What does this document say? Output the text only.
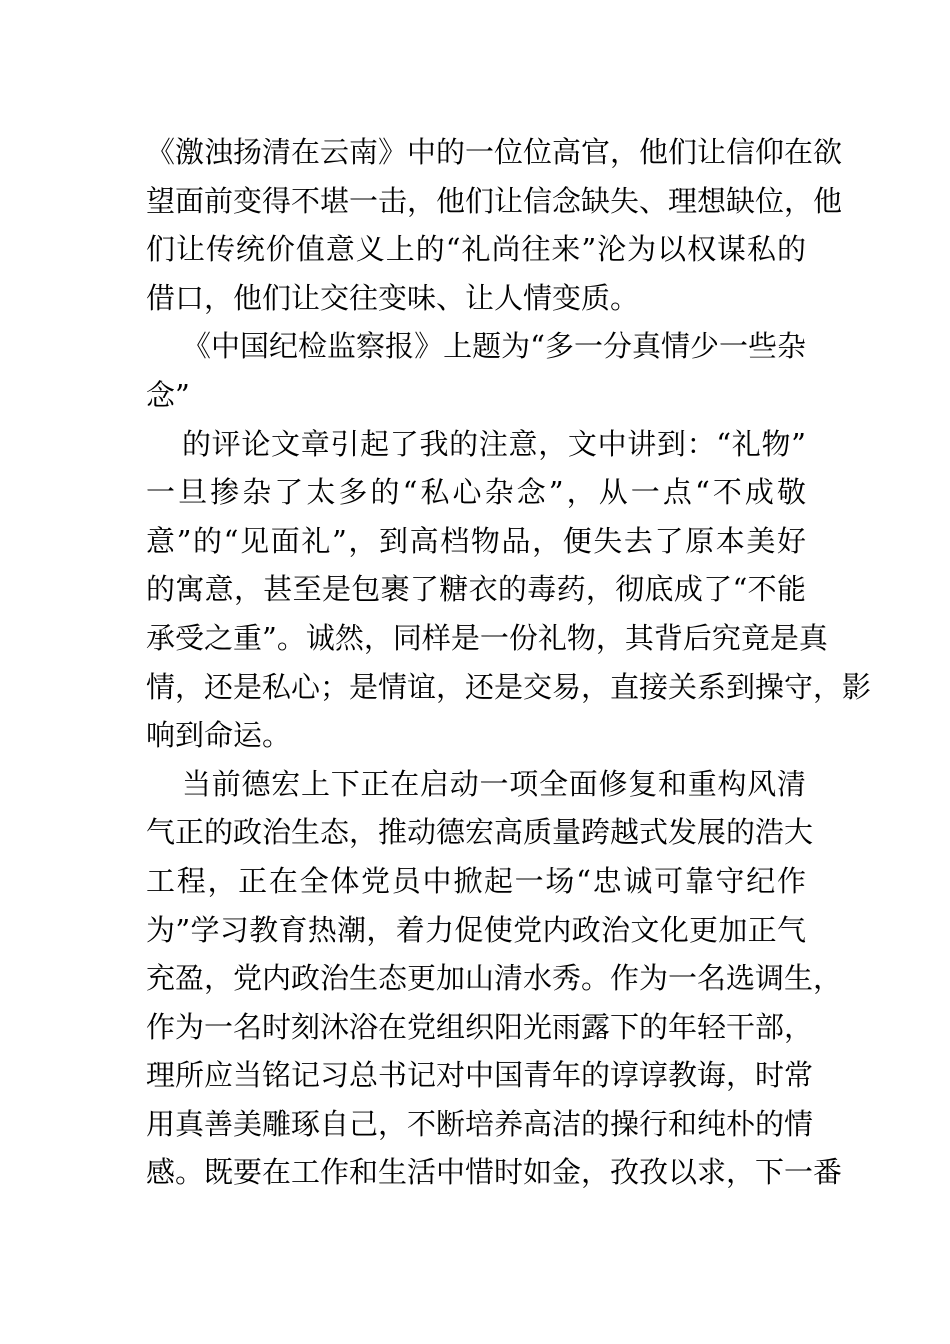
《激浊扬清在云南》中的一位位高官，他们让信仰在欲
望面前变得不堪一击，他们让信念缺失、理想缺位，他
们让传统价值意义上的“礼尚往来”沦为以权谋私的
借口，他们让交往变味、让人情变质。
《中国纪检监察报》上题为“多一分真情少一些杂
念”
的评论文章引起了我的注意，文中讲到：“礼物”
一旦掺杂了太多的“私心杂念”，从一点“不成敬
意”的“见面礼”，到高档物品，便失去了原本美好
的寓意，甚至是包裹了糖衣的毒药，彻底成了“不能
承受之重”。诚然，同样是一份礼物，其背后究竟是真
情，还是私心；是情谊，还是交易，直接关系到操守，影
响到命运。
当前德宏上下正在启动一项全面修复和重构风清
气正的政治生态，推动德宏高质量跨越式发展的浩大
工程，正在全体党员中掀起一场“忠诚可靠守纪作
为”学习教育热潮，着力促使党内政治文化更加正气
充盈，党内政治生态更加山清水秀。作为一名选调生，
作为一名时刻沐浴在党组织阳光雨露下的年轻干部，
理所应当铭记习总书记对中国青年的谆谆教诲，时常
用真善美雕琢自己，不断培养高洁的操行和纯朴的情
感。既要在工作和生活中惜时如金，孜孜以求，下一番
